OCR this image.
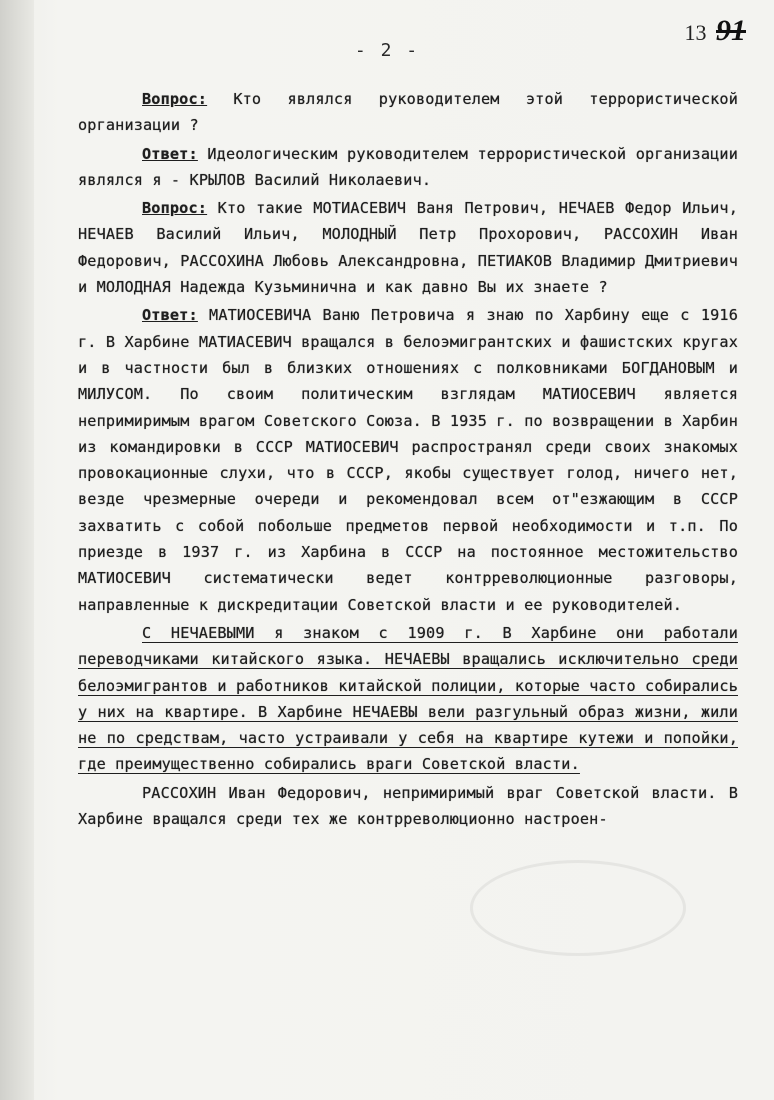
13 91
- 2 -

Вопрос: Кто являлся руководителем этой террористической организации ?

Ответ: Идеологическим руководителем террористической организации являлся я - КРЫЛОВ Василий Николаевич.

Вопрос: Кто такие МОТИАСЕВИЧ Ваня Петрович, НЕЧАЕВ Федор Ильич, НЕЧАЕВ Василий Ильич, МОЛОДНЫЙ Петр Прохорович, РАССОХИН Иван Федорович, РАССОХИНА Любовь Александровна, ПЕТИАКОВ Владимир Дмитриевич и МОЛОДНАЯ Надежда Кузьминична и как давно Вы их знаете ?

Ответ: МАТИОСЕВИЧА Ваню Петровича я знаю по Харбину еще с 1916 г. В Харбине МАТИАСЕВИЧ вращался в белоэмигрантских и фашистских кругах и в частности был в близких отношениях с полковниками БОГДАНОВЫМ и МИЛУСОМ. По своим политическим взглядам МАТИОСЕВИЧ является непримиримым врагом Советского Союза. В 1935 г. по возвращении в Харбин из командировки в СССР МАТИОСЕВИЧ распространял среди своих знакомых провокационные слухи, что в СССР, якобы существует голод, ничего нет, везде чрезмерные очереди и рекомендовал всем от"езжающим в СССР захватить с собой побольше предметов первой необходимости и т.п. По приезде в 1937 г. из Харбина в СССР на постоянное местожительство МАТИОСЕВИЧ систематически ведет контрреволюционные разговоры, направленные к дискредитации Советской власти и ее руководителей.

С НЕЧАЕВЫМИ я знаком с 1909 г. В Харбине они работали переводчиками китайского языка. НЕЧАЕВЫ вращались исключительно среди белоэмигрантов и работников китайской полиции, которые часто собирались у них на квартире. В Харбине НЕЧАЕВЫ вели разгульный образ жизни, жили не по средствам, часто устраивали у себя на квартире кутежи и попойки, где преимущественно собирались враги Советской власти.

РАССОХИН Иван Федорович, непримиримый враг Советской власти. В Харбине вращался среди тех же контрреволюционно настроен-
